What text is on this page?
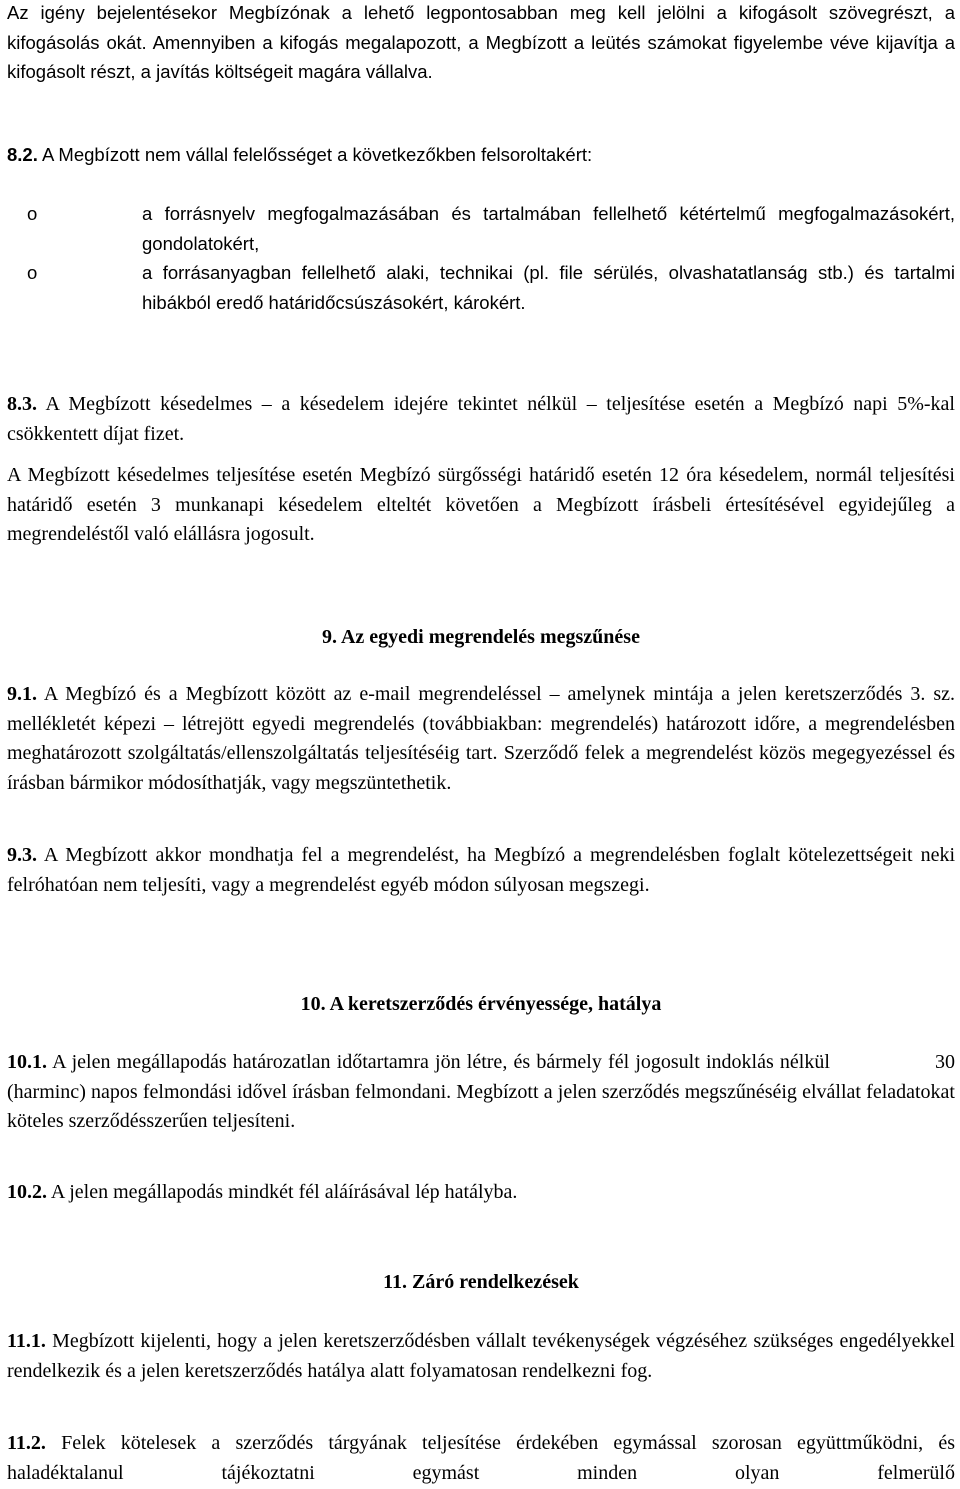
Az igény bejelentésekor Megbízónak a lehető legpontosabban meg kell jelölni a kifogásolt szövegrészt, a kifogásolás okát. Amennyiben a kifogás megalapozott, a Megbízott a leütés számokat figyelembe véve kijavítja a kifogásolt részt, a javítás költségeit magára vállalva.

8.2. A Megbízott nem vállal felelősséget a következőkben felsoroltakért:

o	a forrásnyelv megfogalmazásában és tartalmában fellelhető kétértelmű megfogalmazásokért, gondolatokért,
o	a forrásanyagban fellelhető alaki, technikai (pl. file sérülés, olvashatatlanság stb.) és tartalmi hibákból eredő határidőcsúszásokért, károkért.

8.3. A Megbízott késedelmes – a késedelem idejére tekintet nélkül – teljesítése esetén a Megbízó napi 5%-kal csökkentett díjat fizet.

A Megbízott késedelmes teljesítése esetén Megbízó sürgősségi határidő esetén 12 óra késedelem, normál teljesítési határidő esetén 3 munkanapi késedelem elteltét követően a Megbízott írásbeli értesítésével egyidejűleg a megrendeléstől való elállásra jogosult.

9. Az egyedi megrendelés megszűnése

9.1. A Megbízó és a Megbízott között az e-mail megrendeléssel – amelynek mintája a jelen keretszerződés 3. sz. mellékletét képezi – létrejött egyedi megrendelés (továbbiakban: megrendelés) határozott időre, a megrendelésben meghatározott szolgáltatás/ellenszolgáltatás teljesítéséig tart. Szerződő felek a megrendelést közös megegyezéssel és írásban bármikor módosíthatják, vagy megszüntethetik.

9.3. A Megbízott akkor mondhatja fel a megrendelést, ha Megbízó a megrendelésben foglalt kötelezettségeit neki felróhatóan nem teljesíti, vagy a megrendelést egyéb módon súlyosan megszegi.

10. A keretszerződés érvényessége, hatálya

10.1. A jelen megállapodás határozatlan időtartamra jön létre, és bármely fél jogosult indoklás nélkül                 30 (harminc) napos felmondási idővel írásban felmondani. Megbízott a jelen szerződés megszűnéséig elvállat feladatokat köteles szerződésszerűen teljesíteni.

10.2. A jelen megállapodás mindkét fél aláírásával lép hatályba.

11. Záró rendelkezések

11.1. Megbízott kijelenti, hogy a jelen keretszerződésben vállalt tevékenységek végzéséhez szükséges engedélyekkel rendelkezik és a jelen keretszerződés hatálya alatt folyamatosan rendelkezni fog.

11.2. Felek kötelesek a szerződés tárgyának teljesítése érdekében egymással szorosan együttműködni, és haladéktalanul tájékoztatni egymást minden olyan felmerülő
